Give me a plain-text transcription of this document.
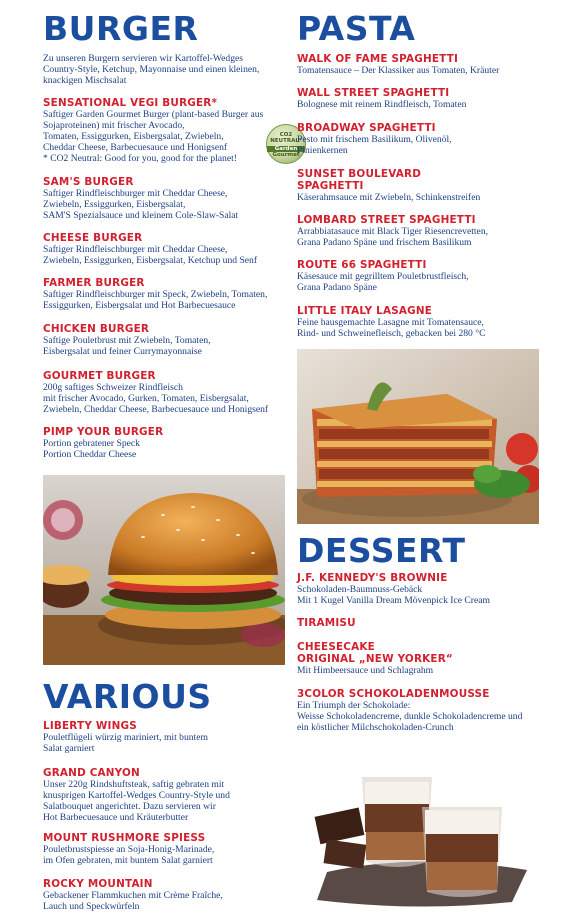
BURGER
Zu unseren Burgern servieren wir Kartoffel-Wedges Country-Style, Ketchup, Mayonnaise und einen kleinen, knackigen Mischsalat
SENSATIONAL VEGI BURGER*
Saftiger Garden Gourmet Burger (plant-based Burger aus Sojaproteinen) mit frischer Avocado,
Tomaten, Essiggurken, Eisbergsalat, Zwiebeln,
Cheddar Cheese, Barbecuesauce und Honigsenf
* CO2 Neutral: Good for you, good for the planet!
CO2
NEUTRAL*
Garden
Gourmet
SAM'S BURGER
Saftiger Rindfleischburger mit Cheddar Cheese,
Zwiebeln, Essiggurken, Eisbergsalat,
SAM'S Spezialsauce und kleinem Cole-Slaw-Salat
CHEESE BURGER
Saftiger Rindfleischburger mit Cheddar Cheese,
Zwiebeln, Essiggurken, Eisbergsalat, Ketchup und Senf
FARMER BURGER
Saftiger Rindfleischburger mit Speck, Zwiebeln, Tomaten,
Essiggurken, Eisbergsalat und Hot Barbecuesauce
CHICKEN BURGER
Saftige Pouletbrust mit Zwiebeln, Tomaten,
Eisbergsalat und feiner Currymayonnaise
GOURMET BURGER
200g saftiges Schweizer Rindfleisch
mit frischer Avocado, Gurken, Tomaten, Eisbergsalat,
Zwiebeln, Cheddar Cheese, Barbecuesauce und Honigsenf
PIMP YOUR BURGER
Portion gebratener Speck
Portion Cheddar Cheese
VARIOUS
LIBERTY WINGS
Pouletflügeli würzig mariniert, mit buntem
Salat garniert
GRAND CANYON
Unser 220g Rindshuftsteak, saftig gebraten mit
knusprigen Kartoffel-Wedges Country-Style und
Salatbouquet angerichtet. Dazu servieren wir
Hot Barbecuesauce und Kräuterbutter
MOUNT RUSHMORE SPIESS
Pouletbrustspiesse an Soja-Honig-Marinade,
im Ofen gebraten, mit buntem Salat garniert
ROCKY MOUNTAIN
Gebackener Flammkuchen mit Crème Fraîche,
Lauch und Speckwürfeln
PASTA
WALK OF FAME SPAGHETTI
Tomatensauce – Der Klassiker aus Tomaten, Kräuter
WALL STREET SPAGHETTI
Bolognese mit reinem Rindfleisch, Tomaten
BROADWAY SPAGHETTI
Pesto mit frischem Basilikum, Olivenöl,
Pinienkernen
SUNSET BOULEVARD
SPAGHETTI
Käserahmsauce mit Zwiebeln, Schinkenstreifen
LOMBARD STREET SPAGHETTI
Arrabbiatasauce mit Black Tiger Riesencrevetten,
Grana Padano Späne und frischem Basilikum
ROUTE 66 SPAGHETTI
Käsesauce mit gegrilltem Pouletbrustfleisch,
Grana Padano Späne
LITTLE ITALY LASAGNE
Feine hausgemachte Lasagne mit Tomatensauce,
Rind- und Schweinefleisch, gebacken bei 280 °C
DESSERT
J.F. KENNEDY'S BROWNIE
Schokoladen-Baumnuss-Gebäck
Mit 1 Kugel Vanilla Dream Mövenpick Ice Cream
TIRAMISU
CHEESECAKE
ORIGINAL „NEW YORKER“
Mit Himbeersauce und Schlagrahm
3COLOR SCHOKOLADENMOUSSE
Ein Triumph der Schokolade:
Weisse Schokoladencreme, dunkle Schokoladencreme und
ein köstlicher Milchschokoladen-Crunch
